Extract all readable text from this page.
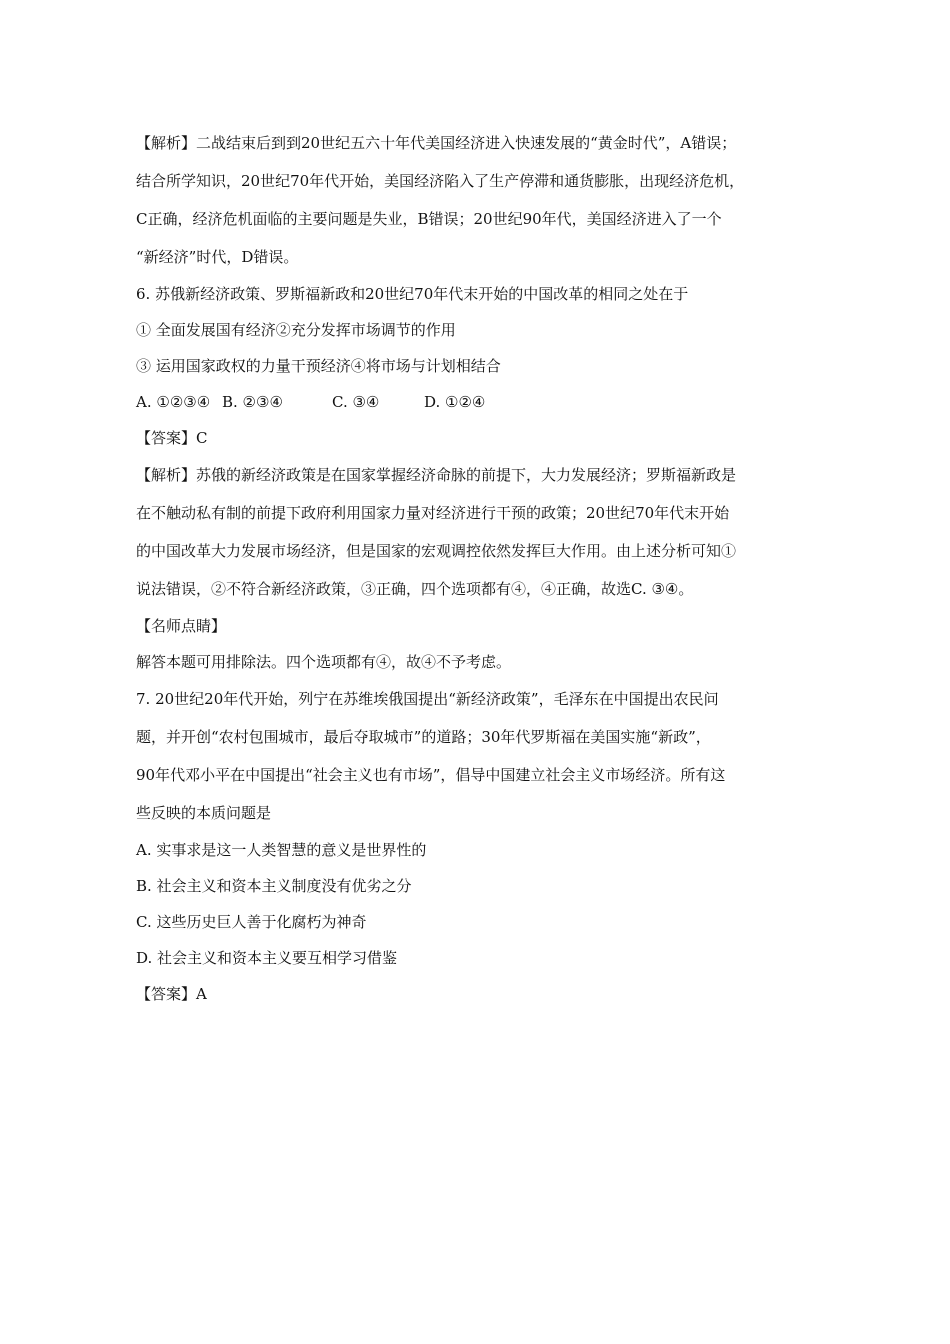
【解析】二战结束后到到20世纪五六十年代美国经济进入快速发展的“黄金时代”，A错误；

结合所学知识，20世纪70年代开始，美国经济陷入了生产停滞和通货膨胀，出现经济危机，

C正确，经济危机面临的主要问题是失业，B错误；20世纪90年代，美国经济进入了一个

“新经济”时代，D错误。

6. 苏俄新经济政策、罗斯福新政和20世纪70年代末开始的中国改革的相同之处在于

① 全面发展国有经济②充分发挥市场调节的作用

③ 运用国家政权的力量干预经济④将市场与计划相结合

A. ①②③④ B. ②③④	C. ③④	D. ①②④

【答案】C

【解析】苏俄的新经济政策是在国家掌握经济命脉的前提下，大力发展经济；罗斯福新政是

在不触动私有制的前提下政府利用国家力量对经济进行干预的政策；20世纪70年代末开始

的中国改革大力发展市场经济，但是国家的宏观调控依然发挥巨大作用。由上述分析可知①

说法错误，②不符合新经济政策，③正确，四个选项都有④，④正确，故选C. ③④。

【名师点睛】

解答本题可用排除法。四个选项都有④，故④不予考虑。

7. 20世纪20年代开始，列宁在苏维埃俄国提出“新经济政策”，毛泽东在中国提出农民问

题，并开创“农村包围城市，最后夺取城市”的道路；30年代罗斯福在美国实施“新政”，

90年代邓小平在中国提出“社会主义也有市场”，倡导中国建立社会主义市场经济。所有这

些反映的本质问题是

A. 实事求是这一人类智慧的意义是世界性的

B. 社会主义和资本主义制度没有优劣之分

C. 这些历史巨人善于化腐朽为神奇

D. 社会主义和资本主义要互相学习借鉴

【答案】A
